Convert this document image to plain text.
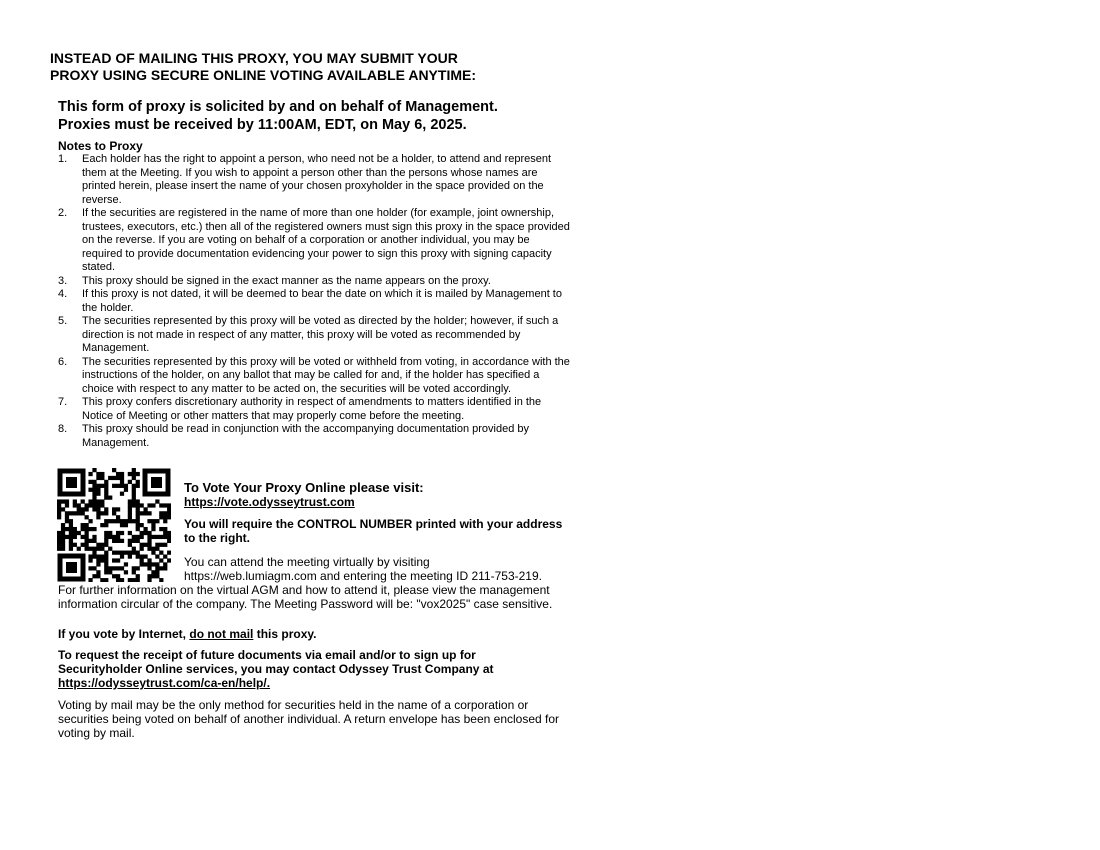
INSTEAD OF MAILING THIS PROXY, YOU MAY SUBMIT YOUR
PROXY USING SECURE ONLINE VOTING AVAILABLE ANYTIME:
This form of proxy is solicited by and on behalf of Management.
Proxies must be received by 11:00AM, EDT, on May 6, 2025.
Notes to Proxy
1. Each holder has the right to appoint a person, who need not be a holder, to attend and represent them at the Meeting. If you wish to appoint a person other than the persons whose names are printed herein, please insert the name of your chosen proxyholder in the space provided on the reverse.
2. If the securities are registered in the name of more than one holder (for example, joint ownership, trustees, executors, etc.) then all of the registered owners must sign this proxy in the space provided on the reverse. If you are voting on behalf of a corporation or another individual, you may be required to provide documentation evidencing your power to sign this proxy with signing capacity stated.
3. This proxy should be signed in the exact manner as the name appears on the proxy.
4. If this proxy is not dated, it will be deemed to bear the date on which it is mailed by Management to the holder.
5. The securities represented by this proxy will be voted as directed by the holder; however, if such a direction is not made in respect of any matter, this proxy will be voted as recommended by Management.
6. The securities represented by this proxy will be voted or withheld from voting, in accordance with the instructions of the holder, on any ballot that may be called for and, if the holder has specified a choice with respect to any matter to be acted on, the securities will be voted accordingly.
7. This proxy confers discretionary authority in respect of amendments to matters identified in the Notice of Meeting or other matters that may properly come before the meeting.
8. This proxy should be read in conjunction with the accompanying documentation provided by Management.
To Vote Your Proxy Online please visit:
https://vote.odysseytrust.com
You will require the CONTROL NUMBER printed with your address to the right.
You can attend the meeting virtually by visiting
https://web.lumiagm.com and entering the meeting ID 211-753-219.
For further information on the virtual AGM and how to attend it, please view the management information circular of the company. The Meeting Password will be: "vox2025" case sensitive.
If you vote by Internet, do not mail this proxy.
To request the receipt of future documents via email and/or to sign up for Securityholder Online services, you may contact Odyssey Trust Company at
https://odysseytrust.com/ca-en/help/.
Voting by mail may be the only method for securities held in the name of a corporation or securities being voted on behalf of another individual. A return envelope has been enclosed for voting by mail.
